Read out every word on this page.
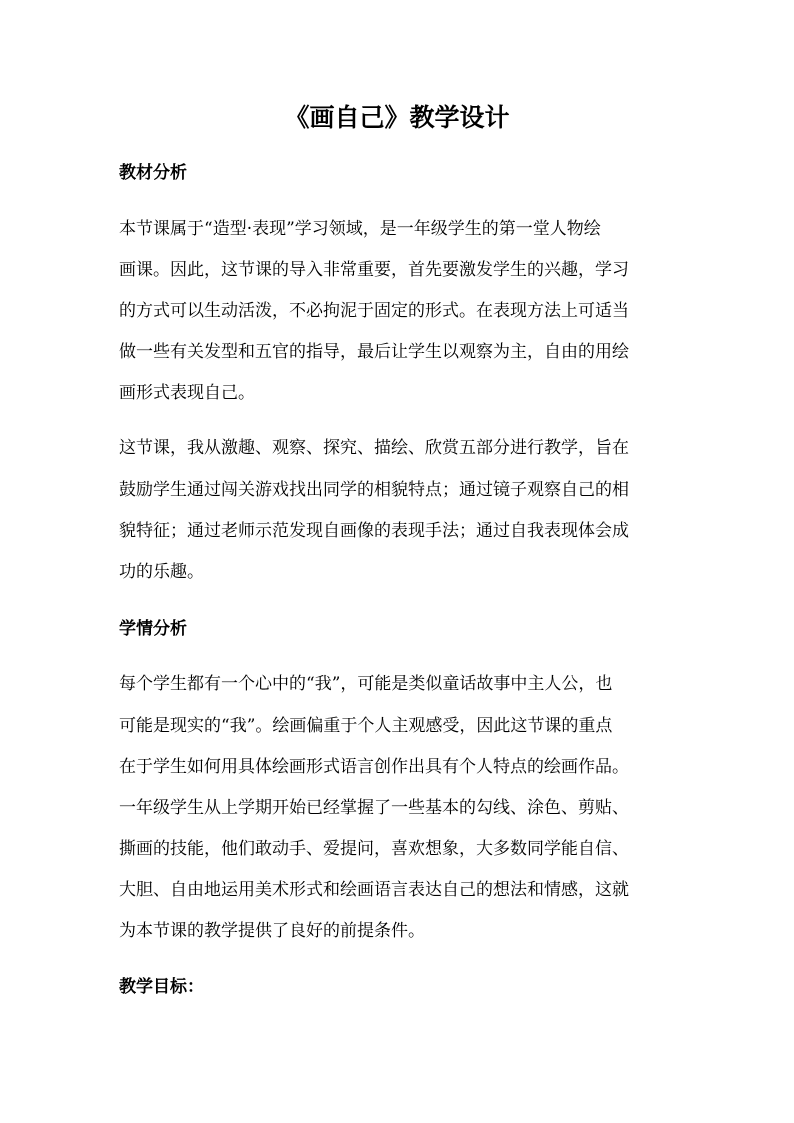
《画自己》教学设计
教材分析
本节课属于“造型·表现”学习领域，是一年级学生的第一堂人物绘
画课。因此，这节课的导入非常重要，首先要激发学生的兴趣，学习
的方式可以生动活泼，不必拘泥于固定的形式。在表现方法上可适当
做一些有关发型和五官的指导，最后让学生以观察为主，自由的用绘
画形式表现自己。
这节课，我从激趣、观察、探究、描绘、欣赏五部分进行教学，旨在
鼓励学生通过闯关游戏找出同学的相貌特点；通过镜子观察自己的相
貌特征；通过老师示范发现自画像的表现手法；通过自我表现体会成
功的乐趣。
学情分析
每个学生都有一个心中的“我”，可能是类似童话故事中主人公，也
可能是现实的“我”。绘画偏重于个人主观感受，因此这节课的重点
在于学生如何用具体绘画形式语言创作出具有个人特点的绘画作品。
一年级学生从上学期开始已经掌握了一些基本的勾线、涂色、剪贴、
撕画的技能，他们敢动手、爱提问，喜欢想象，大多数同学能自信、
大胆、自由地运用美术形式和绘画语言表达自己的想法和情感，这就
为本节课的教学提供了良好的前提条件。
教学目标：
